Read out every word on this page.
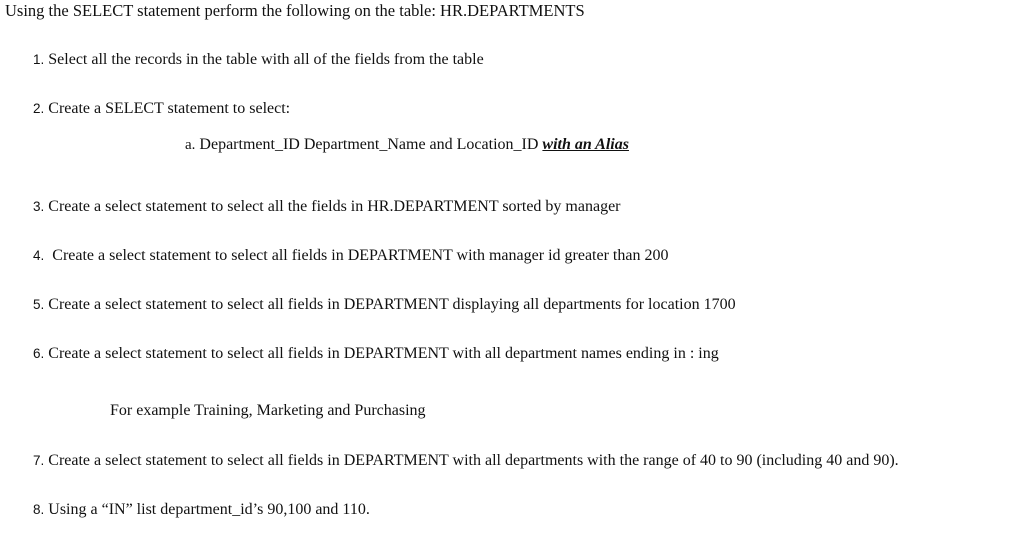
Using the SELECT statement perform the following on the table: HR.DEPARTMENTS
1. Select all the records in the table with all of the fields from the table
2. Create a SELECT statement to select:
a. Department_ID Department_Name and Location_ID with an Alias
3. Create a select statement to select all the fields in HR.DEPARTMENT sorted by manager
4. Create a select statement to select all fields in DEPARTMENT with manager id greater than 200
5. Create a select statement to select all fields in DEPARTMENT displaying all departments for location 1700
6. Create a select statement to select all fields in DEPARTMENT with all department names ending in : ing
For example Training, Marketing and Purchasing
7. Create a select statement to select all fields in DEPARTMENT with all departments with the range of 40 to 90 (including 40 and 90).
8. Using a “IN” list department_id’s 90,100 and 110.
